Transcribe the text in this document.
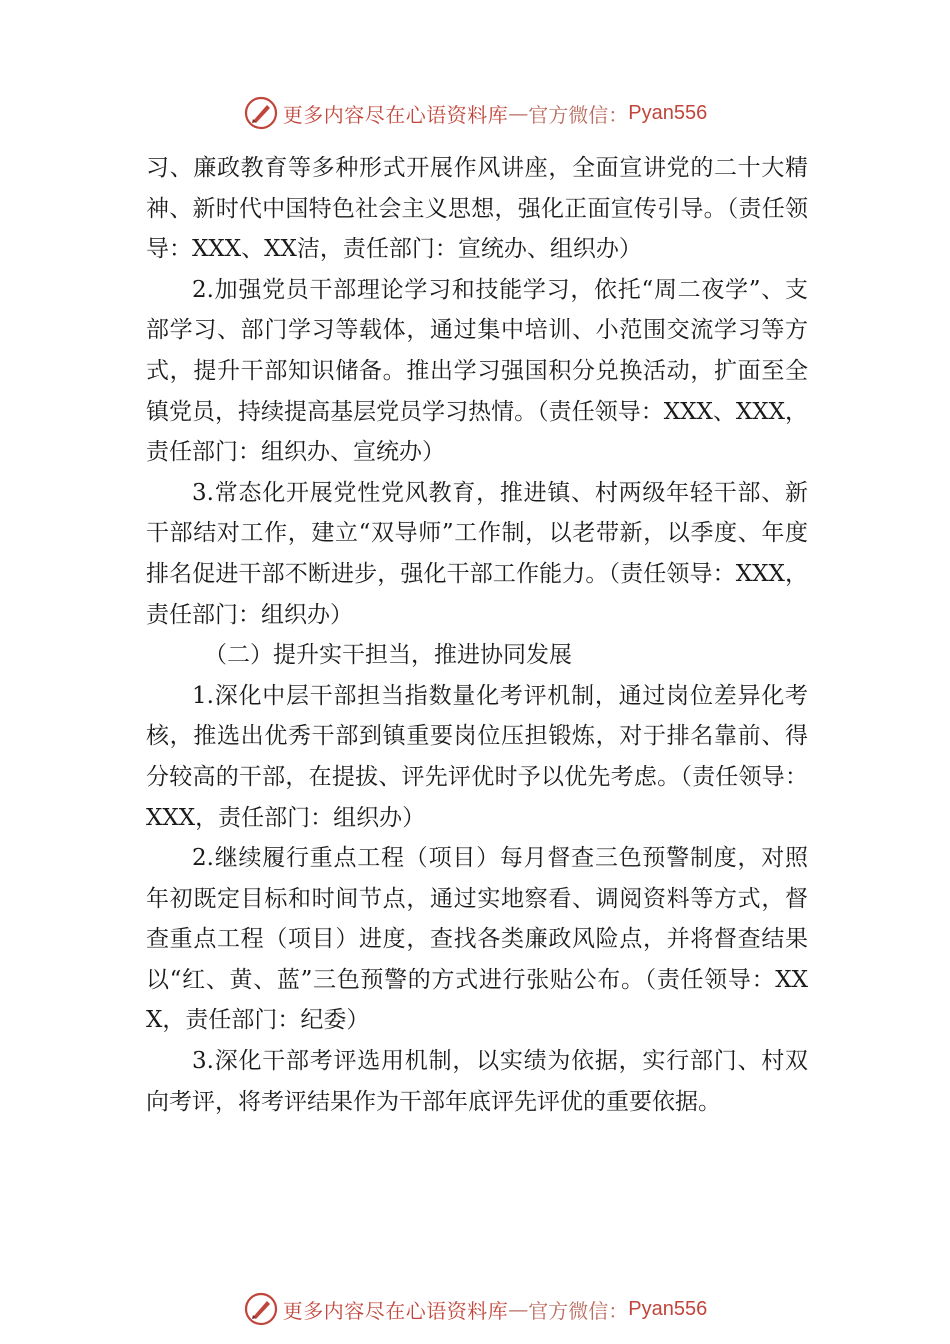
更多内容尽在心语资料库 — 官方微信： Pyan556

习、廉政教育等多种形式开展作风讲座，全面宣讲党的二十大精神、新时代中国特色社会主义思想，强化正面宣传引导。（责任领导：XXX、XX洁，责任部门：宣统办、组织办）

2.加强党员干部理论学习和技能学习，依托“周二夜学”、支部学习、部门学习等载体，通过集中培训、小范围交流学习等方式，提升干部知识储备。推出学习强国积分兑换活动，扩面至全镇党员，持续提高基层党员学习热情。（责任领导：XXX、XXX，责任部门：组织办、宣统办）

3.常态化开展党性党风教育，推进镇、村两级年轻干部、新干部结对工作，建立“双导师”工作制，以老带新，以季度、年度排名促进干部不断进步，强化干部工作能力。（责任领导：XXX，责任部门：组织办）

（二）提升实干担当，推进协同发展

1.深化中层干部担当指数量化考评机制，通过岗位差异化考核，推选出优秀干部到镇重要岗位压担锻炼，对于排名靠前、得分较高的干部，在提拔、评先评优时予以优先考虑。（责任领导：XXX，责任部门：组织办）

2.继续履行重点工程（项目）每月督查三色预警制度，对照年初既定目标和时间节点，通过实地察看、调阅资料等方式，督查重点工程（项目）进度，查找各类廉政风险点，并将督查结果以“红、黄、蓝”三色预警的方式进行张贴公布。（责任领导：XXX，责任部门：纪委）

3.深化干部考评选用机制，以实绩为依据，实行部门、村双向考评，将考评结果作为干部年底评先评优的重要依据。

更多内容尽在心语资料库 — 官方微信： Pyan556
